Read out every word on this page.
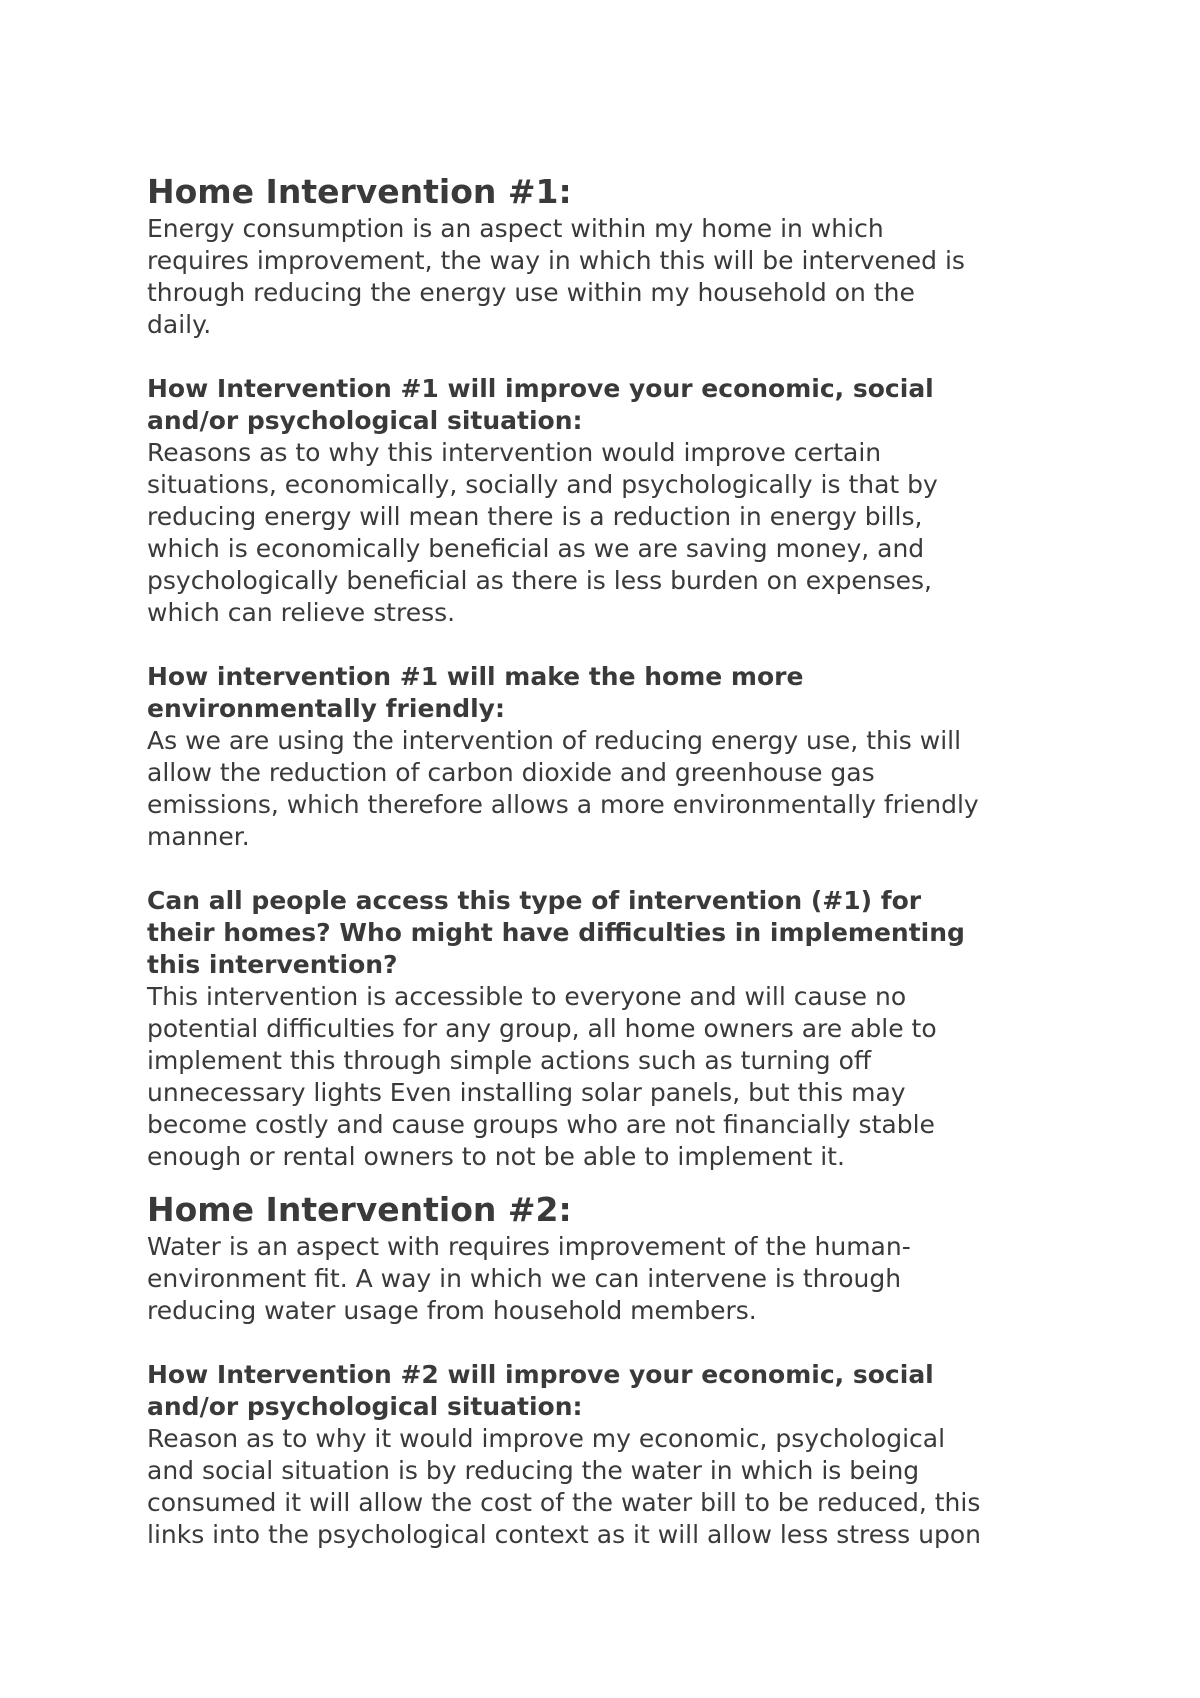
Home Intervention #1:
Energy consumption is an aspect within my home in which
requires improvement, the way in which this will be intervened is
through reducing the energy use within my household on the
daily.
How Intervention #1 will improve your economic, social
and/or psychological situation:
Reasons as to why this intervention would improve certain
situations, economically, socially and psychologically is that by
reducing energy will mean there is a reduction in energy bills,
which is economically beneficial as we are saving money, and
psychologically beneficial as there is less burden on expenses,
which can relieve stress.
How intervention #1 will make the home more
environmentally friendly:
As we are using the intervention of reducing energy use, this will
allow the reduction of carbon dioxide and greenhouse gas
emissions, which therefore allows a more environmentally friendly
manner.
Can all people access this type of intervention (#1) for
their homes? Who might have difficulties in implementing
this intervention?
This intervention is accessible to everyone and will cause no
potential difficulties for any group, all home owners are able to
implement this through simple actions such as turning off
unnecessary lights Even installing solar panels, but this may
become costly and cause groups who are not financially stable
enough or rental owners to not be able to implement it.
Home Intervention #2:
Water is an aspect with requires improvement of the human-
environment fit. A way in which we can intervene is through
reducing water usage from household members.
How Intervention #2 will improve your economic, social
and/or psychological situation:
Reason as to why it would improve my economic, psychological
and social situation is by reducing the water in which is being
consumed it will allow the cost of the water bill to be reduced, this
links into the psychological context as it will allow less stress upon
